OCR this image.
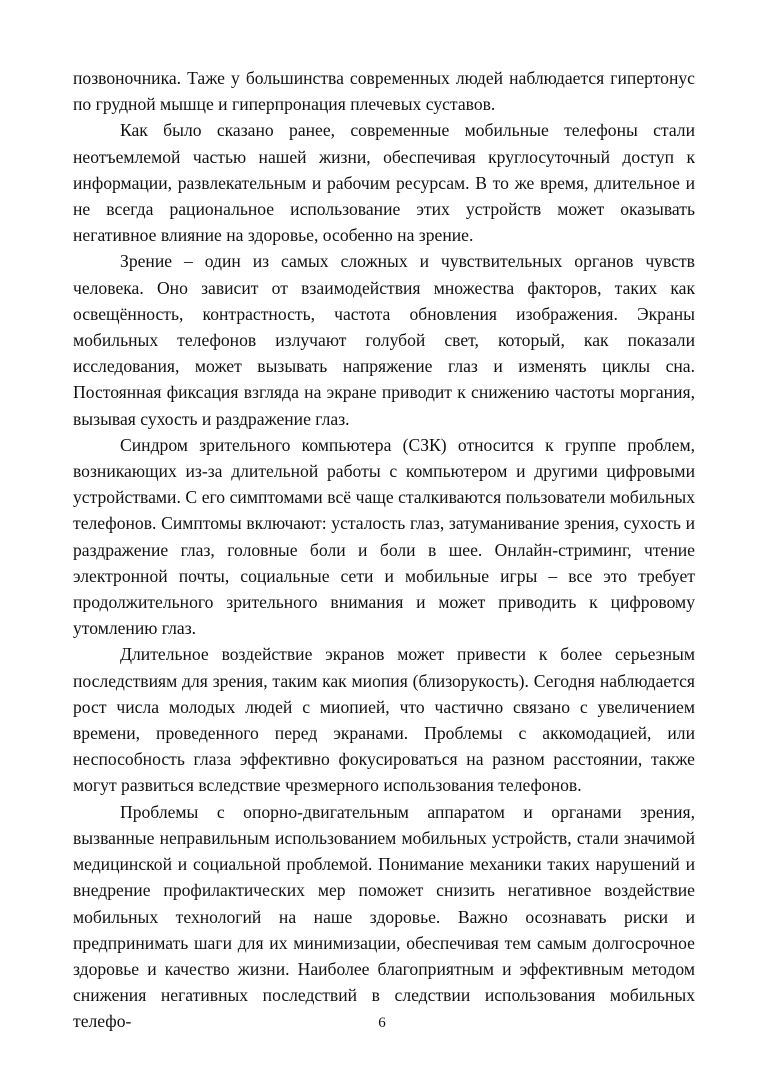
позвоночника. Таже у большинства современных людей наблюдается гипертонус по грудной мышце и гиперпронация плечевых суставов.

Как было сказано ранее, современные мобильные телефоны стали неотъемлемой частью нашей жизни, обеспечивая круглосуточный доступ к информации, развлекательным и рабочим ресурсам. В то же время, длительное и не всегда рациональное использование этих устройств может оказывать негативное влияние на здоровье, особенно на зрение.

Зрение – один из самых сложных и чувствительных органов чувств человека. Оно зависит от взаимодействия множества факторов, таких как освещённость, контрастность, частота обновления изображения. Экраны мобильных телефонов излучают голубой свет, который, как показали исследования, может вызывать напряжение глаз и изменять циклы сна. Постоянная фиксация взгляда на экране приводит к снижению частоты моргания, вызывая сухость и раздражение глаз.

Синдром зрительного компьютера (СЗК) относится к группе проблем, возникающих из-за длительной работы с компьютером и другими цифровыми устройствами. С его симптомами всё чаще сталкиваются пользователи мобильных телефонов. Симптомы включают: усталость глаз, затуманивание зрения, сухость и раздражение глаз, головные боли и боли в шее. Онлайн-стриминг, чтение электронной почты, социальные сети и мобильные игры – все это требует продолжительного зрительного внимания и может приводить к цифровому утомлению глаз.

Длительное воздействие экранов может привести к более серьезным последствиям для зрения, таким как миопия (близорукость). Сегодня наблюдается рост числа молодых людей с миопией, что частично связано с увеличением времени, проведенного перед экранами. Проблемы с аккомодацией, или неспособность глаза эффективно фокусироваться на разном расстоянии, также могут развиться вследствие чрезмерного использования телефонов.

Проблемы с опорно-двигательным аппаратом и органами зрения, вызванные неправильным использованием мобильных устройств, стали значимой медицинской и социальной проблемой. Понимание механики таких нарушений и внедрение профилактических мер поможет снизить негативное воздействие мобильных технологий на наше здоровье. Важно осознавать риски и предпринимать шаги для их минимизации, обеспечивая тем самым долгосрочное здоровье и качество жизни. Наиболее благоприятным и эффективным методом снижения негативных последствий в следствии использования мобильных телефо-	6
